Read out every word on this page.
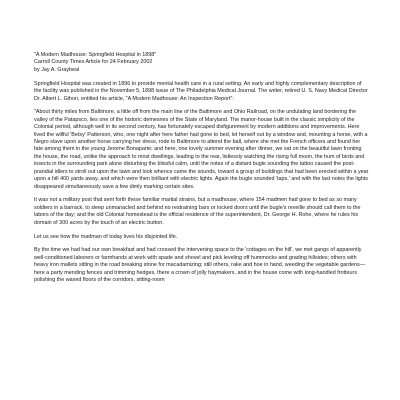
"A Modern Madhouse: Springfield Hospital in 1898"
Carroll County Times Article for 24 February 2002
by Jay A. Graybeal

Springfield Hospital was created in 1896 to provide mental health care in a rural setting. An early and highly complementary description of the facility was published in the November 5, 1898 issue of The Philadelphia Medical Journal. The writer, retired U. S. Navy Medical Director Dr. Albert L. Gihon, entitled his article, "A Modern Madhouse: An Inspection Report":

"About thirty miles from Baltimore, a little off from the main line of the Baltimore and Ohio Railroad, on the undulating land bordering the valley of the Patapsco, lies one of the historic demesnes of the State of Maryland. The manor-house built in the classic simplicity of the Colonial period, although well in its second century, has fortunately escaped disfigurement by modern additions and improvements. Here lived the willful 'Betsy' Patterson, who, one night after here father had gone to bed, let herself out by a window and, mounting a horse, with a Negro slave upon another horse carrying her dress, rode to Baltimore to attend the ball, where she met the French officers and found her fate among them in the young Jerome Bonaparte; and here, one lovely summer evening after dinner, we sat on the beautiful lawn fronting the house, the road, unlike the approach to most dwellings, leading to the rear, listlessly watching the rising full moon, the hum of birds and insects in the surrounding park alone disturbing the blissful calm, until the notes of a distant bugle sounding the tattoo caused the post-prandial idlers to stroll out upon the lawn and look whence came the sounds, toward a group of buildings that had been erected within a year upon a hill 400 yards away, and which were then brilliant with electric lights. Again the bugle sounded 'taps,' and with the last notes the lights disappeared simultaneously save a few dimly marking certain sites.

It was not a military post that sent forth these familiar martial strains, but a madhouse, where 154 madmen had gone to bed as so many soldiers in a barrack, to sleep unmanacled and behind no restraining bars or locked doors until the bugle's reveille should call them to the labors of the day; and the old Colonial homestead is the official residence of the superintendent, Dr. George H. Rohe, where he rules his domain of 300 acres by the touch of an electric button.

Let us see how the madman of today lives his disjointed life.

By the time we had had our own breakfast and had crossed the intervening space to the 'cottages on the hill', we met gangs of apparently well-conditioned laborers or farmhands at work with spade and shovel and pick leveling off hummocks and grading hillsides; others with heavy iron mallets sitting in the road breaking stone for macadamizing; still others, rake and hoe in hand, weeding the vegetable gardens—here a party mending fences and trimming hedges, there a crown of jolly haymakers, and in the house come with long-handled frotteurs polishing the waxed floors of the corridors, sitting-room
